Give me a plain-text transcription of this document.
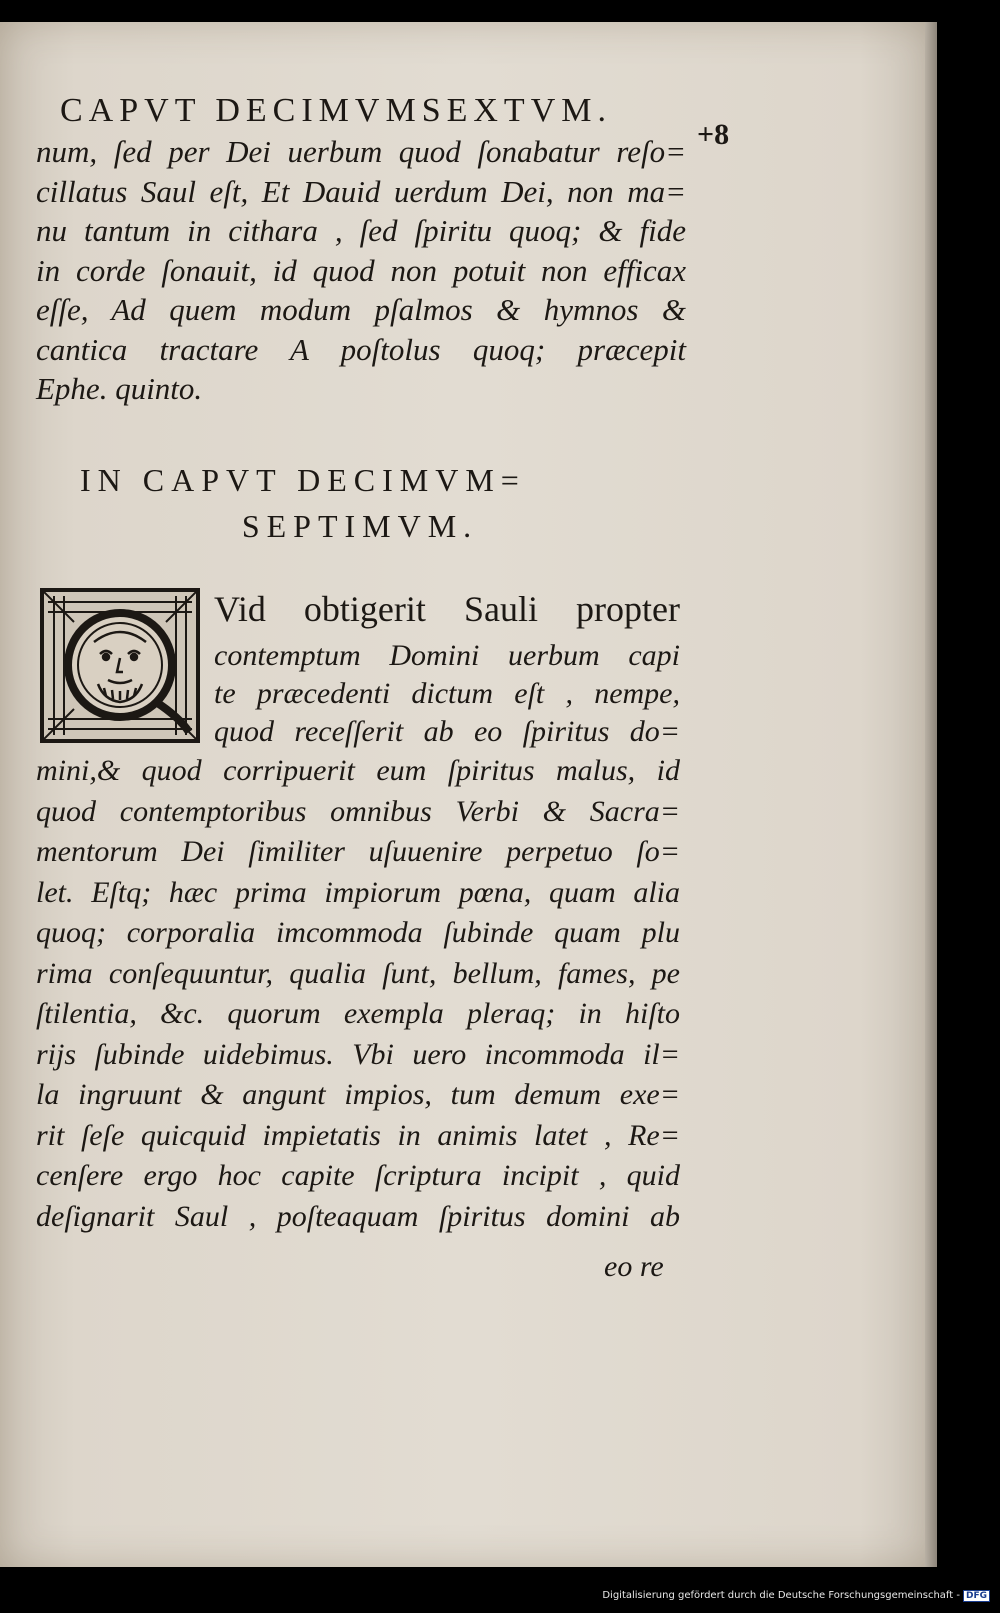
CAPVT DECIMVMSEXTVM.
+8
num, ſed per Dei uerbum quod ſonabatur reſo=
cillatus Saul eſt, Et Dauid uerdum Dei, non ma=
nu tantum in cithara , ſed ſpiritu quoq; & fide
in corde ſonauit, id quod non potuit non efficax
eſſe, Ad quem modum pſalmos & hymnos &
cantica tractare A poſtolus quoq; præcepit
Ephe. quinto.
IN CAPVT DECIMVM=
SEPTIMVM.
Vid obtigerit Sauli propter
contemptum Domini uerbum capi
te præcedenti dictum eſt , nempe,
quod receſſerit ab eo ſpiritus do=
mini,& quod corripuerit eum ſpiritus malus, id
quod contemptoribus omnibus Verbi & Sacra=
mentorum Dei ſimiliter uſuuenire perpetuo ſo=
let. Eſtq; hæc prima impiorum pœna, quam alia
quoq; corporalia imcommoda ſubinde quam plu
rima conſequuntur, qualia ſunt, bellum, fames, pe
ſtilentia, &c. quorum exempla pleraq; in hiſto
rijs ſubinde uidebimus. Vbi uero incommoda il=
la ingruunt & angunt impios, tum demum exe=
rit ſeſe quicquid impietatis in animis latet , Re=
cenſere ergo hoc capite ſcriptura incipit , quid
deſignarit Saul , poſteaquam ſpiritus domini ab
eo re
Digitalisierung gefördert durch die Deutsche Forschungsgemeinschaft - DFG
